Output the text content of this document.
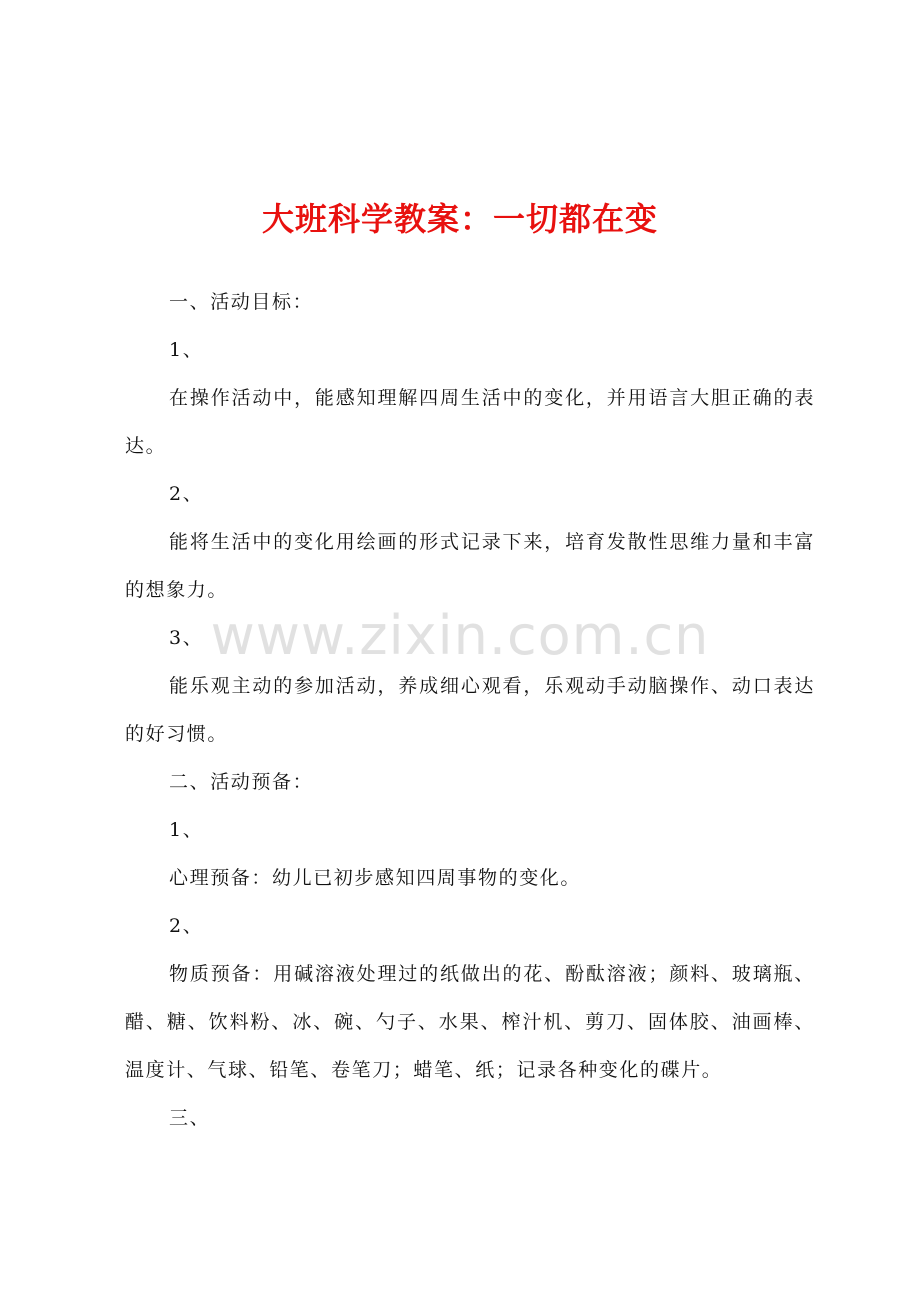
大班科学教案：一切都在变

一、活动目标：

1、

在操作活动中，能感知理解四周生活中的变化，并用语言大胆正确的表达。

2、

能将生活中的变化用绘画的形式记录下来，培育发散性思维力量和丰富的想象力。

3、

能乐观主动的参加活动，养成细心观看，乐观动手动脑操作、动口表达的好习惯。

二、活动预备：

1、

心理预备：幼儿已初步感知四周事物的变化。

2、

物质预备：用碱溶液处理过的纸做出的花、酚酞溶液；颜料、玻璃瓶、醋、糖、饮料粉、冰、碗、勺子、水果、榨汁机、剪刀、固体胶、油画棒、温度计、气球、铅笔、卷笔刀；蜡笔、纸；记录各种变化的碟片。

三、

www.zixin.com.cn
